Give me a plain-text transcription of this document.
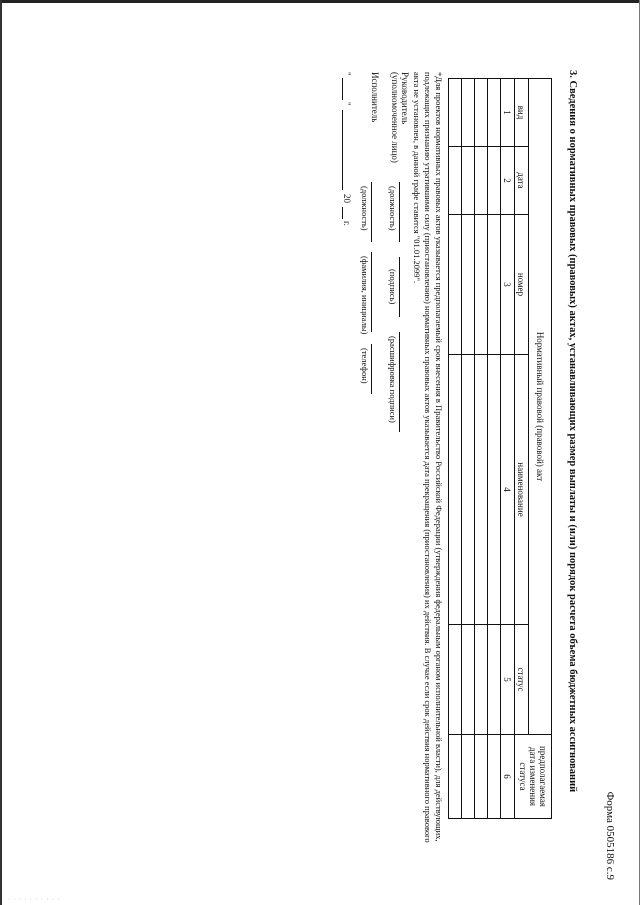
Форма 0505186 с.9
3. Сведения о нормативных правовых (правовых) актах, устанавливающих размер выплаты и (или) порядок расчета объема бюджетных ассигнований
Нормативный правовой (правовой) акт					предполагаемая дата изменения статуса
вид	дата	номер	наименование	статус	
1	2	3	4	5	6

*Для проектов нормативных правовых актов указывается предполагаемый срок внесения в Правительство Российской Федерации (утверждения федеральным органом исполнительной власти), для действующих, подлежащих признанию утратившими силу (приостановлению) нормативных правовых актов указывается дата прекращения (приостановления) их действия. В случае если срок действия нормативного правового акта не установлен, в данной графе ставится "01.01.2099".
Руководитель
(уполномоченное лицо)
(должность)
(подпись)
(расшифровка подписи)
Исполнитель
(должность)
(фамилия, инициалы)
(телефон)
"
"
20
г.
· · · · · · · · · ·
